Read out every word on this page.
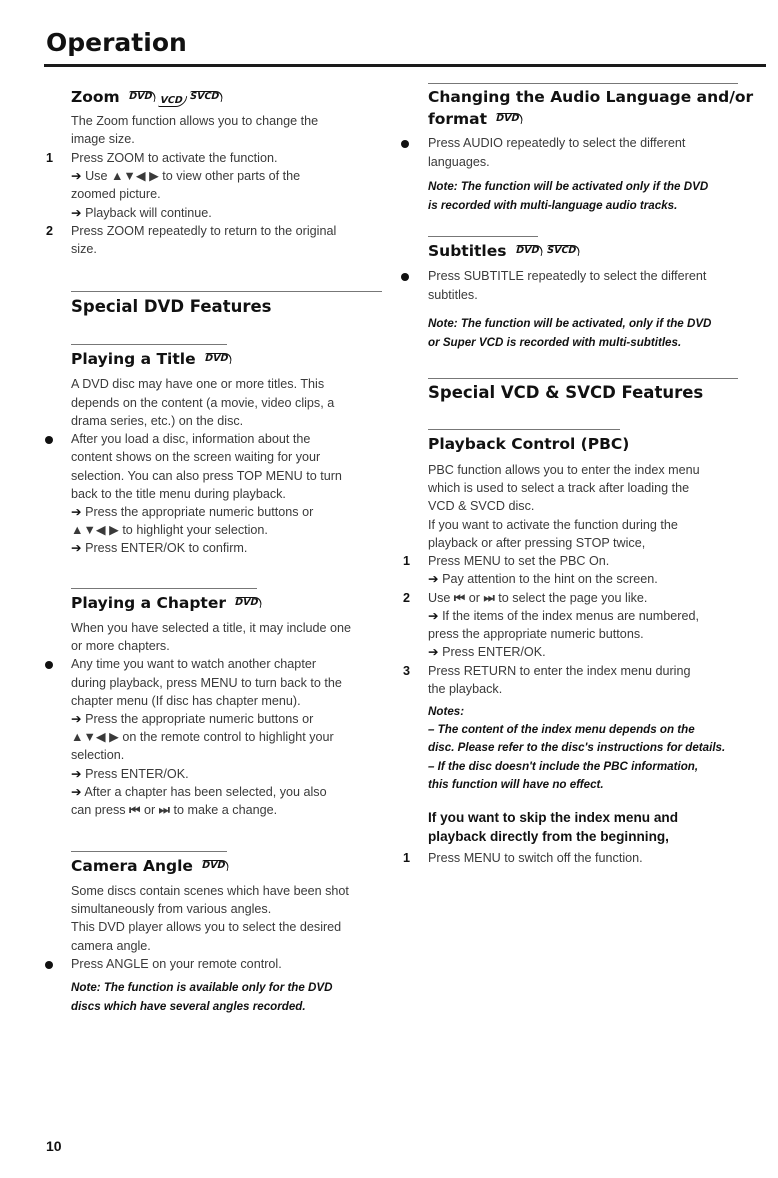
Operation
Zoom DVD VCD SVCD
The Zoom function allows you to change the
image size.
1 Press ZOOM to activate the function.
➔ Use ▲▼◀ ▶ to view other parts of the
zoomed picture.
➔ Playback will continue.
2 Press ZOOM repeatedly to return to the original
size.
Special DVD Features
Playing a Title DVD
A DVD disc may have one or more titles. This
depends on the content (a movie, video clips, a
drama series, etc.) on the disc.
After you load a disc, information about the
content shows on the screen waiting for your
selection. You can also press TOP MENU to turn
back to the title menu during playback.
➔ Press the appropriate numeric buttons or
▲▼◀ ▶ to highlight your selection.
➔ Press ENTER/OK to confirm.
Playing a Chapter DVD
When you have selected a title, it may include one
or more chapters.
Any time you want to watch another chapter
during playback, press MENU to turn back to the
chapter menu (If disc has chapter menu).
➔ Press the appropriate numeric buttons or
▲▼◀ ▶ on the remote control to highlight your
selection.
➔ Press ENTER/OK.
➔ After a chapter has been selected, you also
can press ⏮ or ⏭ to make a change.
Camera Angle DVD
Some discs contain scenes which have been shot
simultaneously from various angles.
This DVD player allows you to select the desired
camera angle.
Press ANGLE on your remote control.
Note: The function is available only for the DVD
discs which have several angles recorded.
Changing the Audio Language and/or
format DVD
Press AUDIO repeatedly to select the different
languages.
Note: The function will be activated only if the DVD
is recorded with multi-language audio tracks.
Subtitles DVD SVCD
Press SUBTITLE repeatedly to select the different
subtitles.
Note: The function will be activated, only if the DVD
or Super VCD is recorded with multi-subtitles.
Special VCD & SVCD Features
Playback Control (PBC)
PBC function allows you to enter the index menu
which is used to select a track after loading the
VCD & SVCD disc.
If you want to activate the function during the
playback or after pressing STOP twice,
1 Press MENU to set the PBC On.
➔ Pay attention to the hint on the screen.
2 Use ⏮ or ⏭ to select the page you like.
➔ If the items of the index menus are numbered,
press the appropriate numeric buttons.
➔ Press ENTER/OK.
3 Press RETURN to enter the index menu during
the playback.
Notes:
– The content of the index menu depends on the
disc. Please refer to the disc's instructions for details.
– If the disc doesn't include the PBC information,
this function will have no effect.
If you want to skip the index menu and
playback directly from the beginning,
1 Press MENU to switch off the function.
10
